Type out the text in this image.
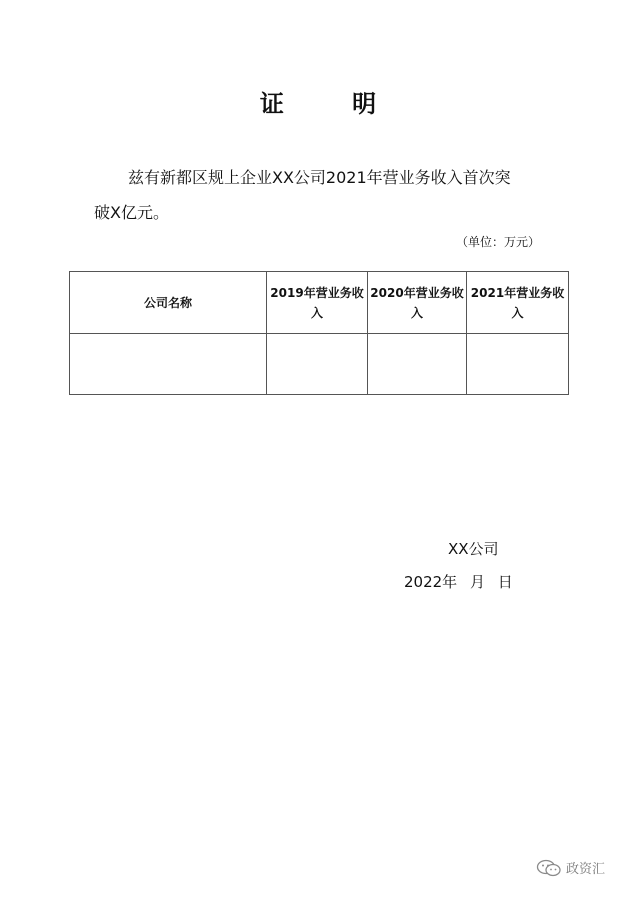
证 明
兹有新都区规上企业XX公司2021年营业务收入首次突
破X亿元。
（单位：万元）
公司名称	2019年营业务收入	2020年营业务收入	2021年营业务收入

XX公司
2022年 月 日
政资汇
